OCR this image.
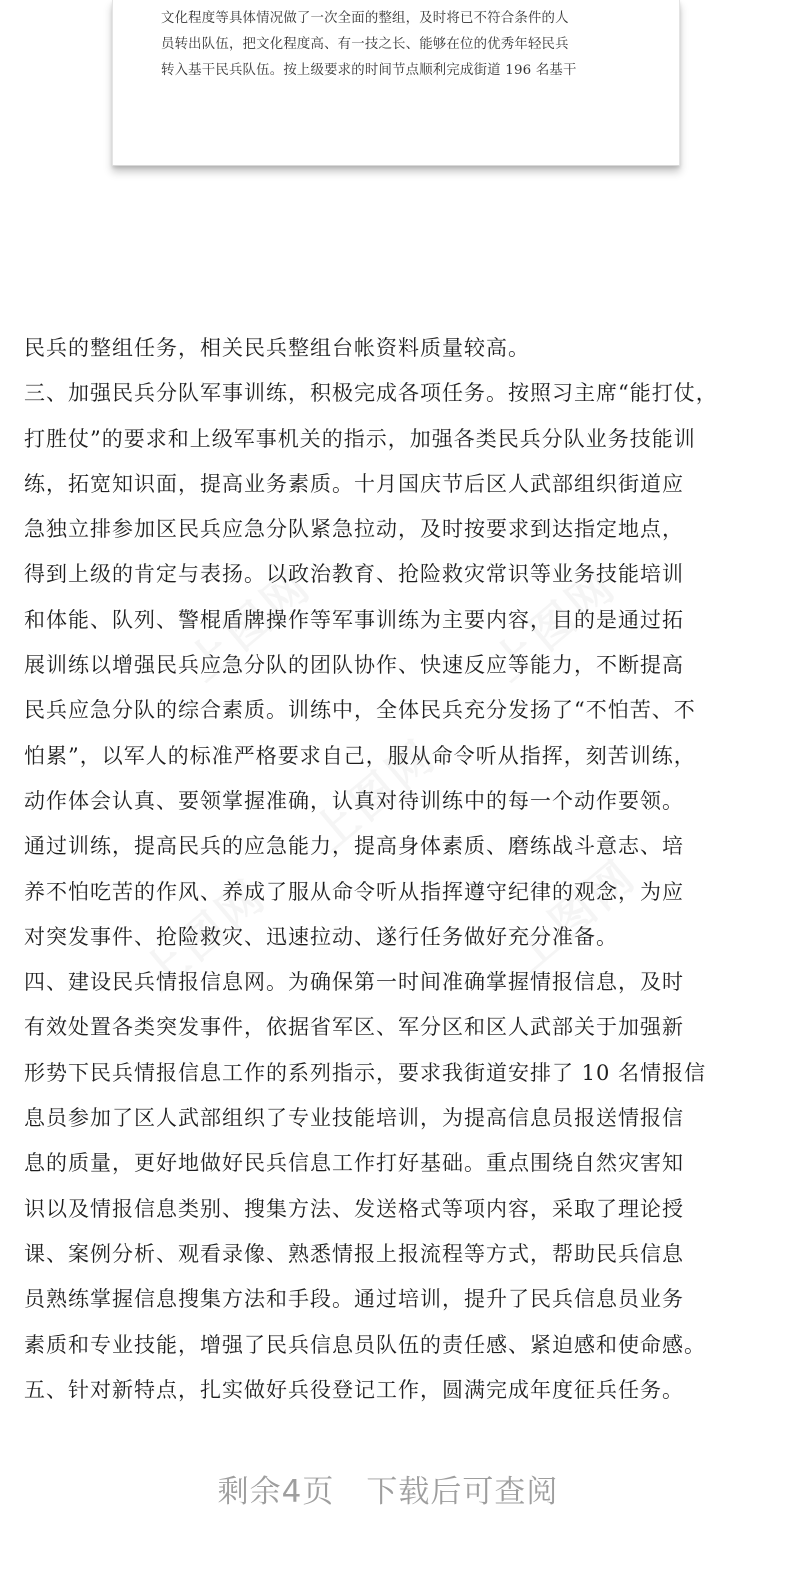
文化程度等具体情况做了一次全面的整组，及时将已不符合条件的人
员转出队伍，把文化程度高、有一技之长、能够在位的优秀年轻民兵
转入基干民兵队伍。按上级要求的时间节点顺利完成街道 196 名基干
上图网	上图网
上图网
上图网	上图网
民兵的整组任务，相关民兵整组台帐资料质量较高。
三、加强民兵分队军事训练，积极完成各项任务。按照习主席“能打仗，
打胜仗”的要求和上级军事机关的指示，加强各类民兵分队业务技能训
练，拓宽知识面，提高业务素质。十月国庆节后区人武部组织街道应
急独立排参加区民兵应急分队紧急拉动，及时按要求到达指定地点，
得到上级的肯定与表扬。以政治教育、抢险救灾常识等业务技能培训
和体能、队列、警棍盾牌操作等军事训练为主要内容，目的是通过拓
展训练以增强民兵应急分队的团队协作、快速反应等能力，不断提高
民兵应急分队的综合素质。训练中，全体民兵充分发扬了“不怕苦、不
怕累”，以军人的标准严格要求自己，服从命令听从指挥，刻苦训练，
动作体会认真、要领掌握准确，认真对待训练中的每一个动作要领。
通过训练，提高民兵的应急能力，提高身体素质、磨练战斗意志、培
养不怕吃苦的作风、养成了服从命令听从指挥遵守纪律的观念，为应
对突发事件、抢险救灾、迅速拉动、遂行任务做好充分准备。
四、建设民兵情报信息网。为确保第一时间准确掌握情报信息，及时
有效处置各类突发事件，依据省军区、军分区和区人武部关于加强新
形势下民兵情报信息工作的系列指示，要求我街道安排了 10 名情报信
息员参加了区人武部组织了专业技能培训，为提高信息员报送情报信
息的质量，更好地做好民兵信息工作打好基础。重点围绕自然灾害知
识以及情报信息类别、搜集方法、发送格式等项内容，采取了理论授
课、案例分析、观看录像、熟悉情报上报流程等方式，帮助民兵信息
员熟练掌握信息搜集方法和手段。通过培训，提升了民兵信息员业务
素质和专业技能，增强了民兵信息员队伍的责任感、紧迫感和使命感。
五、针对新特点，扎实做好兵役登记工作，圆满完成年度征兵任务。
剩余4页　下载后可查阅
